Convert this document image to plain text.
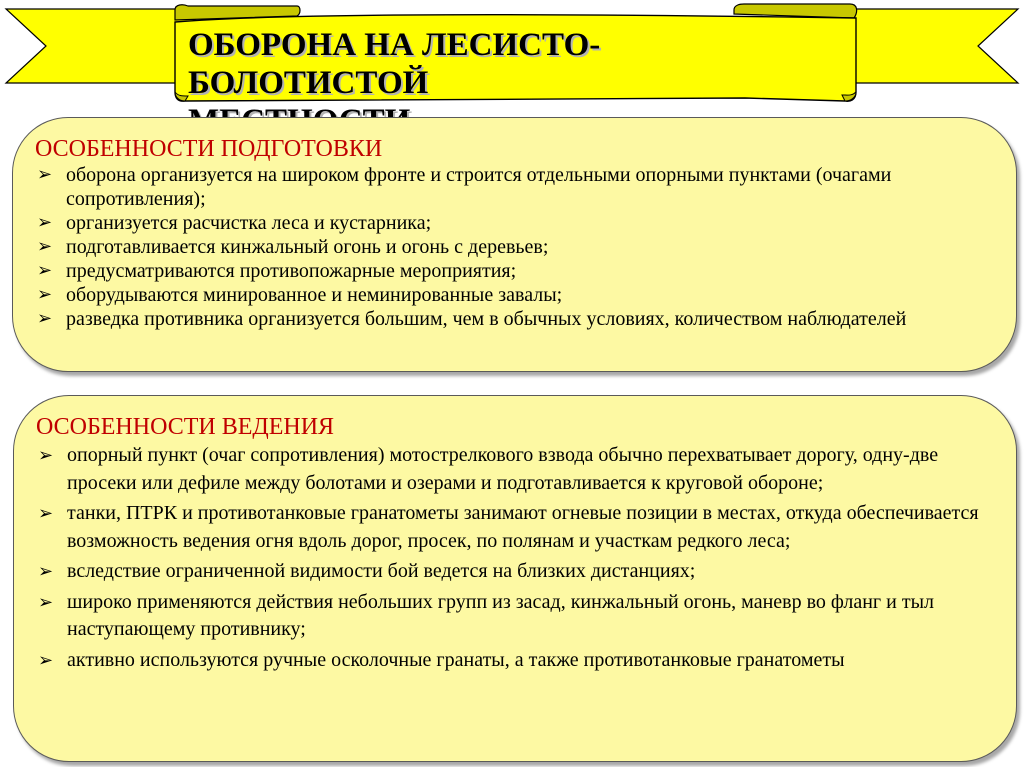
ОБОРОНА НА ЛЕСИСТО-БОЛОТИСТОЙ

ОСОБЕННОСТИ ПОДГОТОВКИ
➢ оборона организуется на широком фронте и строится отдельными опорными пунктами (очагами сопротивления);
➢ организуется расчистка леса и кустарника;
➢ подготавливается кинжальный огонь и огонь с деревьев;
➢ предусматриваются противопожарные мероприятия;
➢ оборудываются минированное и неминированные завалы;
➢ разведка противника организуется большим, чем в обычных условиях, количеством наблюдателей
ОСОБЕННОСТИ ВЕДЕНИЯ
➢ опорный пункт (очаг сопротивления) мотострелкового взвода обычно перехватывает дорогу, одну-две просеки или дефиле между болотами и озерами и подготавливается к круговой обороне;
➢ танки, ПТРК и противотанковые гранатометы занимают огневые позиции в местах, откуда обеспечивается возможность ведения огня вдоль дорог, просек, по полянам и участкам редкого леса;
➢ вследствие ограниченной видимости бой ведется на близких дистанциях;
➢ широко применяются действия небольших групп из засад, кинжальный огонь, маневр во фланг и тыл наступающему противнику;
➢ активно используются ручные осколочные гранаты, а также противотанковые гранатометы
